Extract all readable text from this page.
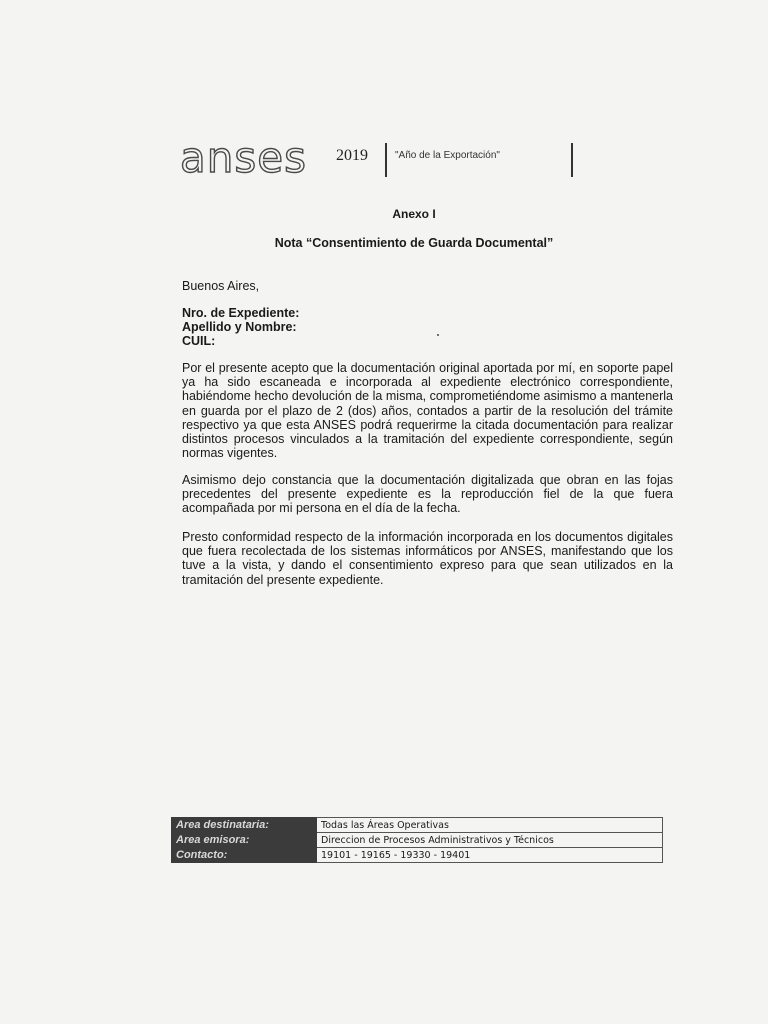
anses 2019	"Año de la Exportación"
Anexo I
Nota “Consentimiento de Guarda Documental”
Buenos Aires,
Nro. de Expediente:
Apellido y Nombre:
CUIL:
Por el presente acepto que la documentación original aportada por mí, en soporte papel ya ha sido escaneada e incorporada al expediente electrónico correspondiente, habiéndome hecho devolución de la misma, comprometiéndome asimismo a mantenerla en guarda por el plazo de 2 (dos) años, contados a partir de la resolución del trámite respectivo ya que esta ANSES podrá requerirme la citada documentación para realizar distintos procesos vinculados a la tramitación del expediente correspondiente, según normas vigentes.
Asimismo dejo constancia que la documentación digitalizada que obran en las fojas precedentes del presente expediente es la reproducción fiel de la que fuera acompañada por mi persona en el día de la fecha.
Presto conformidad respecto de la información incorporada en los documentos digitales que fuera recolectada de los sistemas informáticos por ANSES, manifestando que los tuve a la vista, y dando el consentimiento expreso para que sean utilizados en la tramitación del presente expediente.
Area destinataria:	Todas las Áreas Operativas
Area emisora:	Direccion de Procesos Administrativos y Técnicos
Contacto:	19101 - 19165 - 19330 - 19401
